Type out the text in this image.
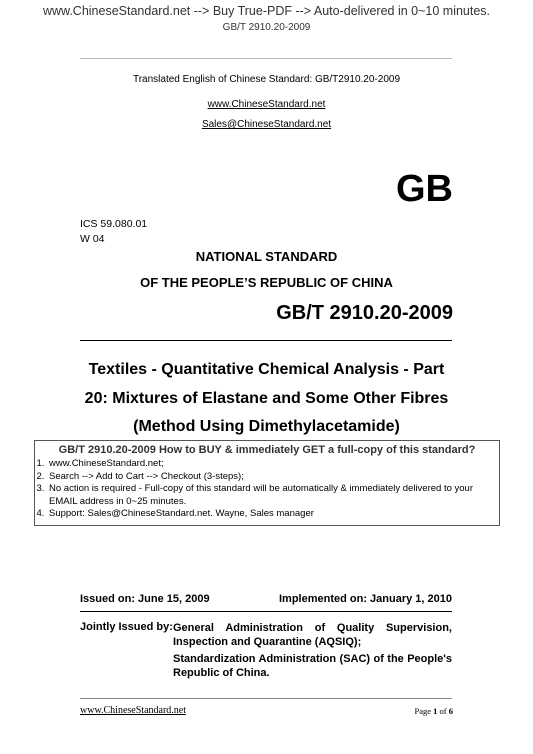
www.ChineseStandard.net --> Buy True-PDF --> Auto-delivered in 0~10 minutes.
GB/T 2910.20-2009
Translated English of Chinese Standard: GB/T2910.20-2009
www.ChineseStandard.net
Sales@ChineseStandard.net
GB
ICS 59.080.01
W 04
NATIONAL STANDARD
OF THE PEOPLE’S REPUBLIC OF CHINA
GB/T 2910.20-2009
Textiles - Quantitative Chemical Analysis - Part
20: Mixtures of Elastane and Some Other Fibres
(Method Using Dimethylacetamide)
GB/T 2910.20-2009 How to BUY & immediately GET a full-copy of this standard?
1. www.ChineseStandard.net;
2. Search --> Add to Cart --> Checkout (3-steps);
3. No action is required - Full-copy of this standard will be automatically & immediately delivered to your EMAIL address in 0~25 minutes.
4. Support: Sales@ChineseStandard.net. Wayne, Sales manager
Issued on: June 15, 2009	Implemented on: January 1, 2010
Jointly Issued by: General Administration of Quality Supervision,

Inspection and Quarantine (AQSIQ);

Standardization Administration (SAC) of the People's

Republic of China.

www.ChineseStandard.net	Page 1 of 6
